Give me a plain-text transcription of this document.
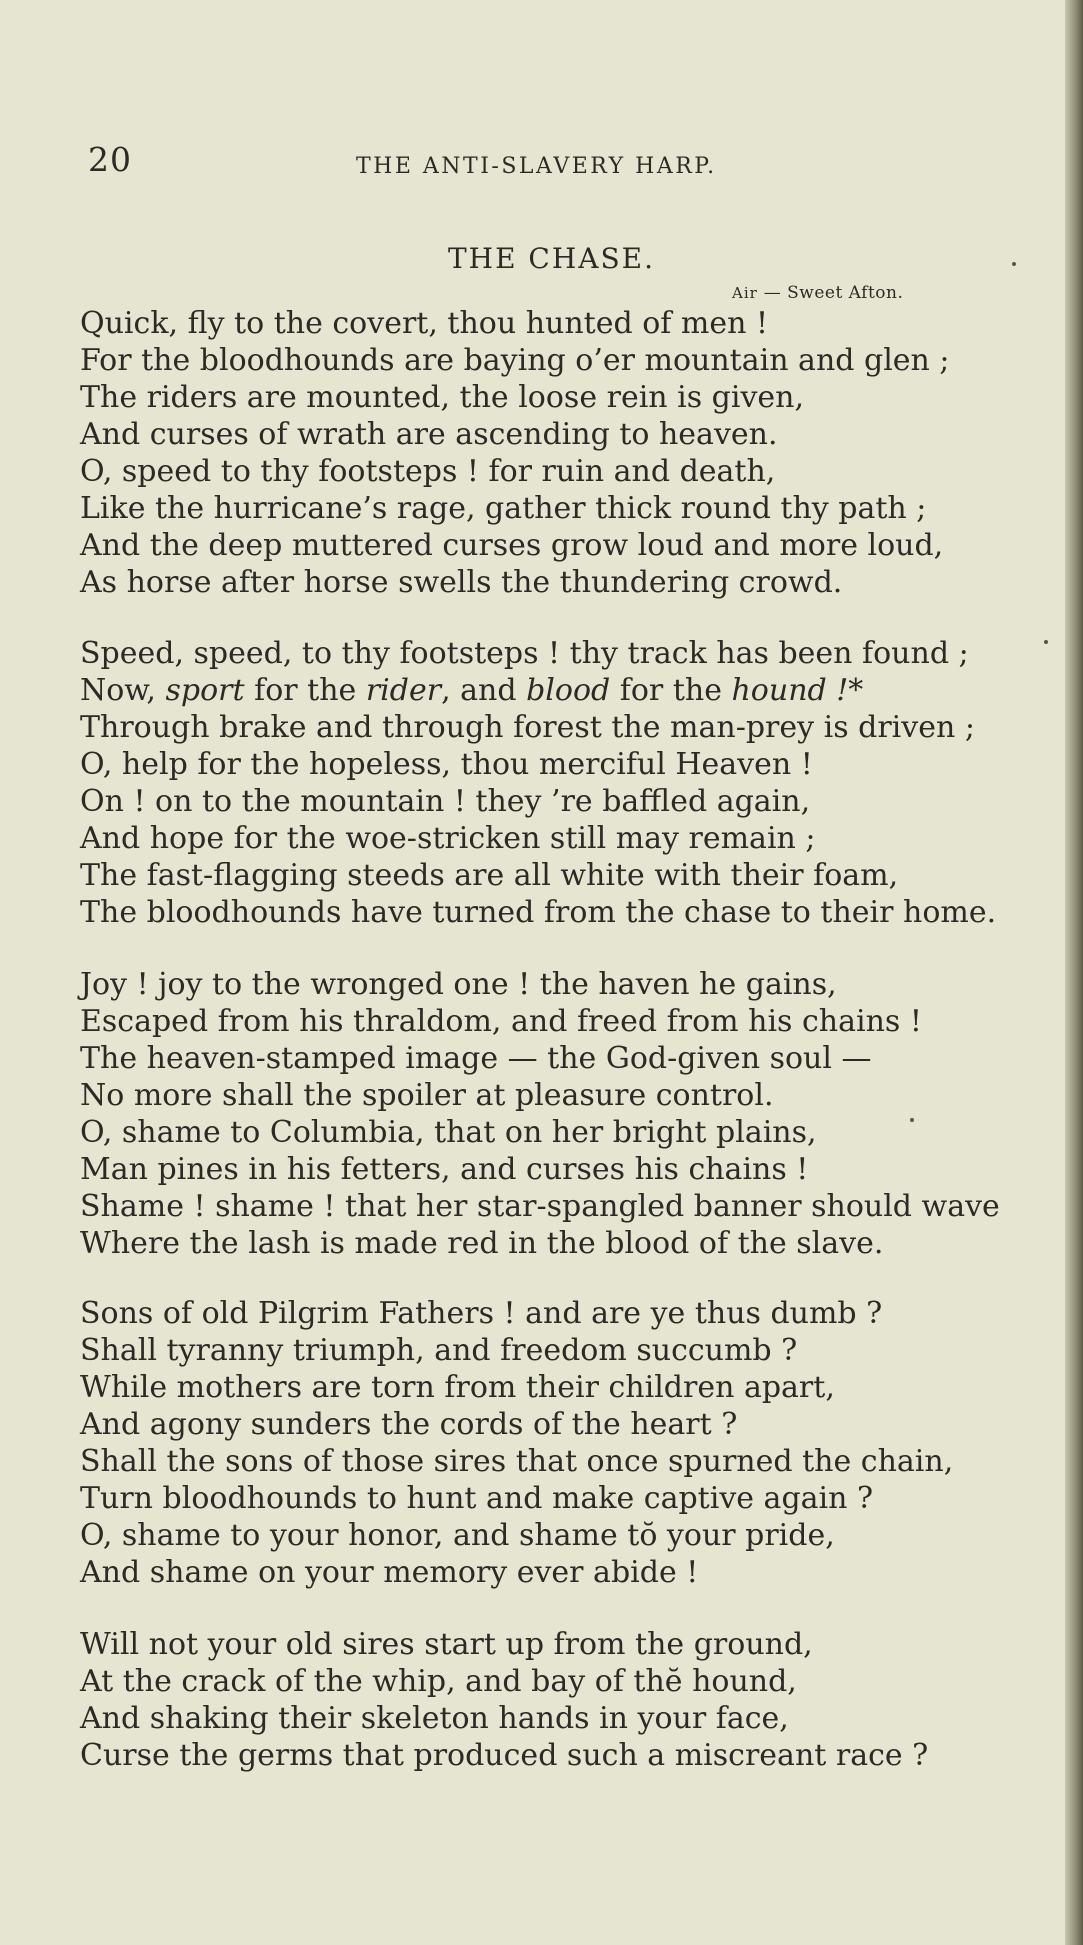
20	THE ANTI-SLAVERY HARP.
THE CHASE.
Air — Sweet Afton.
Quick, fly to the covert, thou hunted of men !
For the bloodhounds are baying o’er mountain and glen ;
The riders are mounted, the loose rein is given,
And curses of wrath are ascending to heaven.
O, speed to thy footsteps ! for ruin and death,
Like the hurricane’s rage, gather thick round thy path ;
And the deep muttered curses grow loud and more loud,
As horse after horse swells the thundering crowd.
Speed, speed, to thy footsteps ! thy track has been found ;
Now, sport for the rider, and blood for the hound !*
Through brake and through forest the man-prey is driven ;
O, help for the hopeless, thou merciful Heaven !
On ! on to the mountain ! they ’re baffled again,
And hope for the woe-stricken still may remain ;
The fast-flagging steeds are all white with their foam,
The bloodhounds have turned from the chase to their home.
Joy ! joy to the wronged one ! the haven he gains,
Escaped from his thraldom, and freed from his chains !
The heaven-stamped image — the God-given soul —
No more shall the spoiler at pleasure control.
O, shame to Columbia, that on her bright plains,
Man pines in his fetters, and curses his chains !
Shame ! shame ! that her star-spangled banner should wave
Where the lash is made red in the blood of the slave.
Sons of old Pilgrim Fathers ! and are ye thus dumb ?
Shall tyranny triumph, and freedom succumb ?
While mothers are torn from their children apart,
And agony sunders the cords of the heart ?
Shall the sons of those sires that once spurned the chain,
Turn bloodhounds to hunt and make captive again ?
O, shame to your honor, and shame tŏ your pride,
And shame on your memory ever abide !
Will not your old sires start up from the ground,
At the crack of the whip, and bay of thĕ hound,
And shaking their skeleton hands in your face,
Curse the germs that produced such a miscreant race ?
